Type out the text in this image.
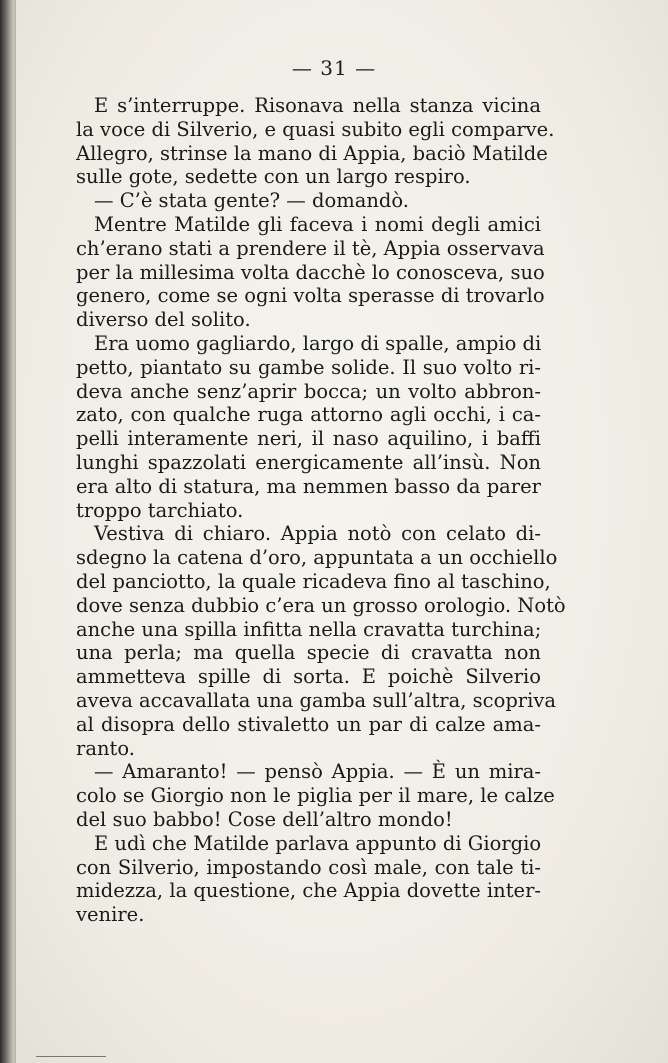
— 31 —

E s’interruppe. Risonava nella stanza vicina

la voce di Silverio, e quasi subito egli comparve.

Allegro, strinse la mano di Appia, baciò Matilde

sulle gote, sedette con un largo respiro.

— C’è stata gente? — domandò.

Mentre Matilde gli faceva i nomi degli amici

ch’erano stati a prendere il tè, Appia osservava

per la millesima volta dacchè lo conosceva, suo

genero, come se ogni volta sperasse di trovarlo

diverso del solito.

Era uomo gagliardo, largo di spalle, ampio di

petto, piantato su gambe solide. Il suo volto ri-

deva anche senz’aprir bocca; un volto abbron-

zato, con qualche ruga attorno agli occhi, i ca-

pelli interamente neri, il naso aquilino, i baffi

lunghi spazzolati energicamente all’insù. Non

era alto di statura, ma nemmen basso da parer

troppo tarchiato.

Vestiva di chiaro. Appia notò con celato di-

sdegno la catena d’oro, appuntata a un occhiello

del panciotto, la quale ricadeva fino al taschino,

dove senza dubbio c’era un grosso orologio. Notò

anche una spilla infitta nella cravatta turchina;

una perla; ma quella specie di cravatta non

ammetteva spille di sorta. E poichè Silverio

aveva accavallata una gamba sull’altra, scopriva

al disopra dello stivaletto un par di calze ama-

ranto.

— Amaranto! — pensò Appia. — È un mira-

colo se Giorgio non le piglia per il mare, le calze

del suo babbo! Cose dell’altro mondo!

E udì che Matilde parlava appunto di Giorgio

con Silverio, impostando così male, con tale ti-

midezza, la questione, che Appia dovette inter-

venire.
